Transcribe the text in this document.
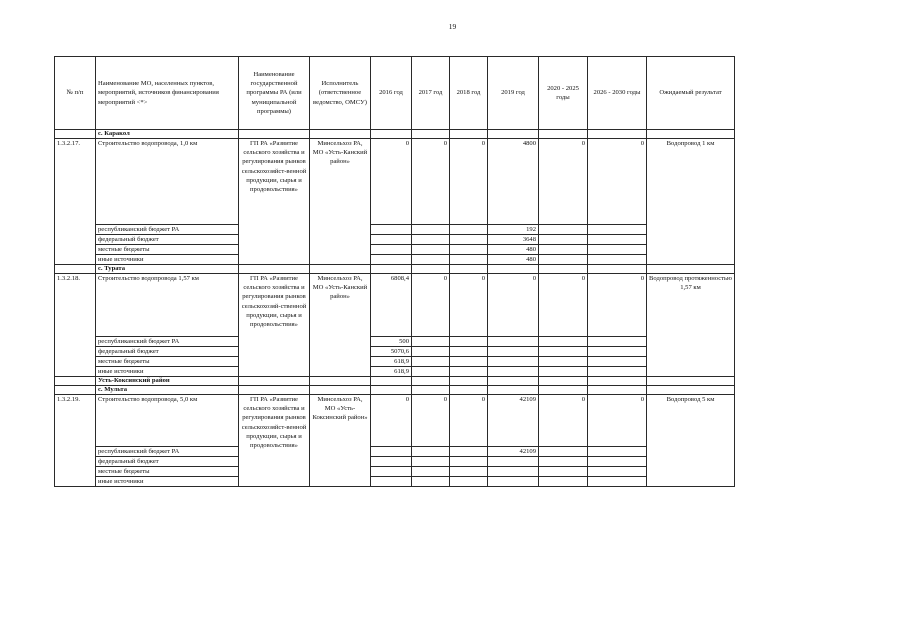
19
№ п/п	Наименование МО, населенных пунктов, мероприятий, источников финансирования мероприятий <*>	Наименование государственной программы РА (или муниципальной программы)	Исполнитель (ответственное ведомство, ОМСУ)	2016 год	2017 год	2018 год	2019 год	2020 - 2025 годы	2026 - 2030 годы	Ожидаемый результат
	с. Каракол									
1.3.2.17.	Строительство водопровода, 1,0 км	ГП РА «Развитие сельского хозяйства и регулирования рынков сельскохозяйст-венной продукции, сырья и продовольствия»	Минсельхоз РА, МО «Усть-Канский район»	0	0	0	4800	0	0	Водопровод 1 км
	республиканский бюджет РА						192			
	федеральный бюджет						3648			
	местные бюджеты						480			
	иные источники						480			
	с. Турата									
1.3.2.18.	Строительство водопровода 1,57 км	ГП РА «Развитие сельского хозяйства и регулирования рынков сельскохозяй-ственной продукции, сырья и продовольствия»	Минсельхоз РА, МО «Усть-Канский район»	6808,4	0	0	0	0	0	Водопровод протяженностью 1,57 км
	республиканский бюджет РА			500						
	федеральный бюджет			5070,6						
	местные бюджеты			618,9						
	иные источники			618,9						
	Усть-Коксинский район									
	с. Мульта									
1.3.2.19.	Строительство водопровода, 5,0 км	ГП РА «Развитие сельского хозяйства и регулирования рынков сельскохозяйст-венной продукции, сырья и продовольствия»	Минсельхоз РА, МО «Усть-Коксинский район»	0	0	0	42109	0	0	Водопровод 5 км
	республиканский бюджет РА						42109			
	федеральный бюджет									
	местные бюджеты									
	иные источники									
